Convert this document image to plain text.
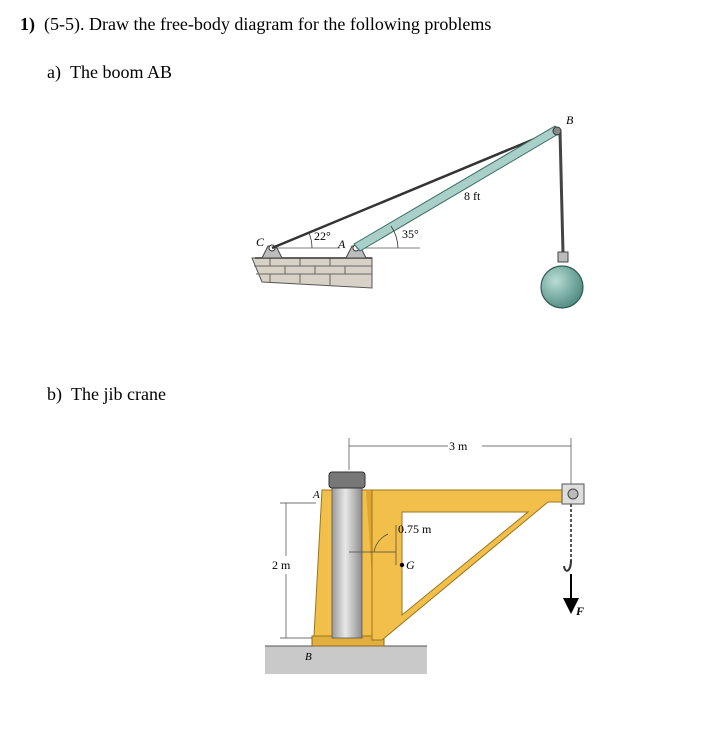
1) (5-5). Draw the free-body diagram for the following problems
a) The boom AB
b) The jib crane
B
C	A
8 ft
22°	35°
F
3 m
2 m
0.75 m
G
A
B
